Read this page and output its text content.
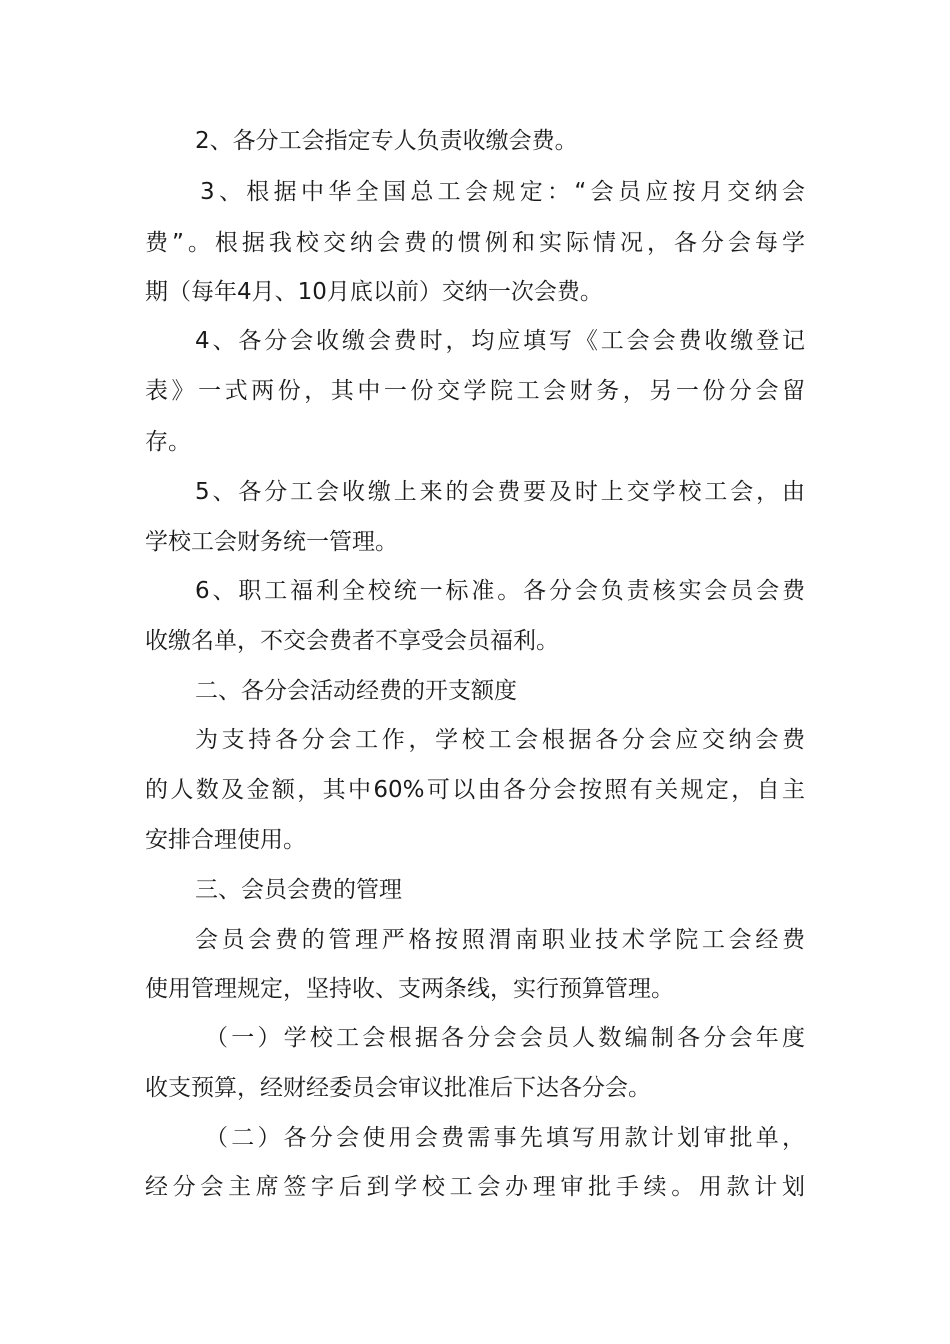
2、各分工会指定专人负责收缴会费。
3、根据中华全国总工会规定：“会员应按月交纳会
费”。根据我校交纳会费的惯例和实际情况，各分会每学
期（每年4月、10月底以前）交纳一次会费。
4、各分会收缴会费时，均应填写《工会会费收缴登记
表》一式两份，其中一份交学院工会财务，另一份分会留
存。
5、各分工会收缴上来的会费要及时上交学校工会，由
学校工会财务统一管理。
6、职工福利全校统一标准。各分会负责核实会员会费
收缴名单，不交会费者不享受会员福利。
二、各分会活动经费的开支额度
为支持各分会工作，学校工会根据各分会应交纳会费
的人数及金额，其中60%可以由各分会按照有关规定，自主
安排合理使用。
三、会员会费的管理
会员会费的管理严格按照渭南职业技术学院工会经费
使用管理规定，坚持收、支两条线，实行预算管理。
（一）学校工会根据各分会会员人数编制各分会年度
收支预算，经财经委员会审议批准后下达各分会。
（二）各分会使用会费需事先填写用款计划审批单，
经分会主席签字后到学校工会办理审批手续。用款计划
